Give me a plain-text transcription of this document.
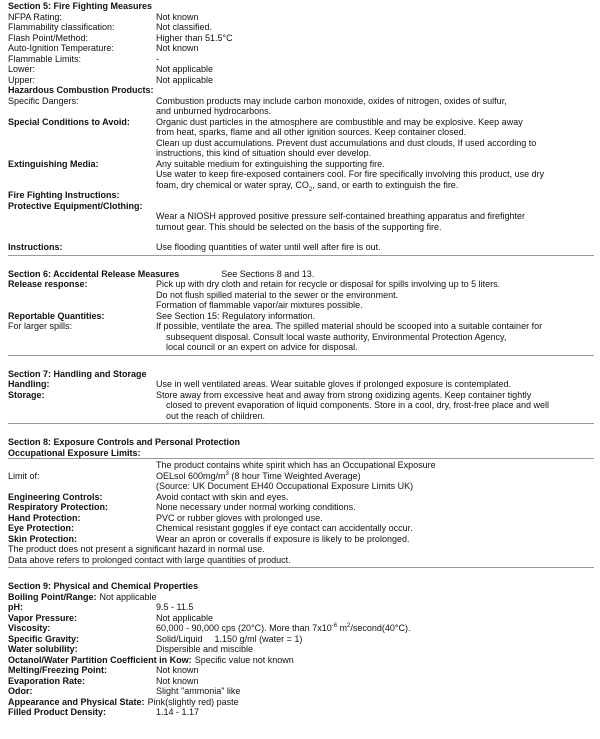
Section 5: Fire Fighting Measures
NFPA Rating:	Not known
Flammability classification:	Not classified.
Flash Point/Method:	Higher than 51.5°C
Auto-Ignition Temperature:	Not known
Flammable Limits:	-
Lower:	Not applicable
Upper:	Not applicable
Hazardous Combustion Products:
Specific Dangers:	Combustion products may include carbon monoxide, oxides of nitrogen, oxides of sulfur,
and unburned hydrocarbons.
Special Conditions to Avoid:	Organic dust particles in the atmosphere are combustible and may be explosive. Keep away
from heat, sparks, flame and all other ignition sources. Keep container closed.
Clean up dust accumulations. Prevent dust accumulations and dust clouds, If used according to
instructions, this kind of situation should ever develop.
Extinguishing Media:	Any suitable medium for extinguishing the supporting fire.
Use water to keep fire-exposed containers cool. For fire specifically involving this product, use dry
foam, dry chemical or water spray, $CO_2$, sand, or earth to extinguish the fire.
Fire Fighting Instructions:
Protective Equipment/Clothing:
Wear a NIOSH approved positive pressure self-contained breathing apparatus and firefighter
turnout gear. This should be selected on the basis of the supporting fire.
Instructions:	Use flooding quantities of water until well after fire is out.
Section 6: Accidental Release Measures	See Sections 8 and 13.
Release response:	Pick up with dry cloth and retain for recycle or disposal for spills involving up to 5 liters.
Do not flush spilled material to the sewer or the environment.
Formation of flammable vapor/air mixtures possible.
Reportable Quantities:	See Section 15: Regulatory information.
For larger spills:	If possible, ventilate the area. The spilled material should be scooped into a suitable container for
subsequent disposal. Consult local waste authority, Environmental Protection Agency,
local council or an expert on advice for disposal.
Section 7: Handling and Storage
Handling:	Use in well ventilated areas. Wear suitable gloves if prolonged exposure is contemplated.
Storage:	Store away from excessive heat and away from strong oxidizing agents. Keep container tightly
closed to prevent evaporation of liquid components. Store in a cool, dry, frost-free place and well
out the reach of children.
Section 8: Exposure Controls and Personal Protection
Occupational Exposure Limits:
The product contains white spirit which has an Occupational Exposure
Limit of:	OELsol $600mg/m^3$ (8 hour Time Weighted Average)
(Source: UK Document EH40 Occupational Exposure Limits UK)
Engineering Controls:	Avoid contact with skin and eyes.
Respiratory Protection:	None necessary under normal working conditions.
Hand Protection:	PVC or rubber gloves with prolonged use.
Eye Protection:	Chemical resistant goggles if eye contact can accidentally occur.
Skin Protection:	Wear an apron or coveralls if exposure is likely to be prolonged.
The product does not present a significant hazard in normal use.
Data above refers to prolonged contact with large quantities of product.
Section 9: Physical and Chemical Properties
Boiling Point/Range: Not applicable
pH:	9.5 - 11.5
Vapor Pressure:	Not applicable
Viscosity:	60,000 - 90,000 cps (20°C). More than $7x10^{-6}$ $m^2/second(40^\circ C)$.
Specific Gravity:	Solid/Liquid 1.150 g/ml (water = 1)
Water solubility:	Dispersible and miscible
Octanol/Water Partition Coefficient in Kow: Specific value not known
Melting/Freezing Point:	Not known
Evaporation Rate:	Not known
Odor:	Slight "ammonia" like
Appearance and Physical State: Pink(slightly red) paste
Filled Product Density:	1.14 - 1.17
